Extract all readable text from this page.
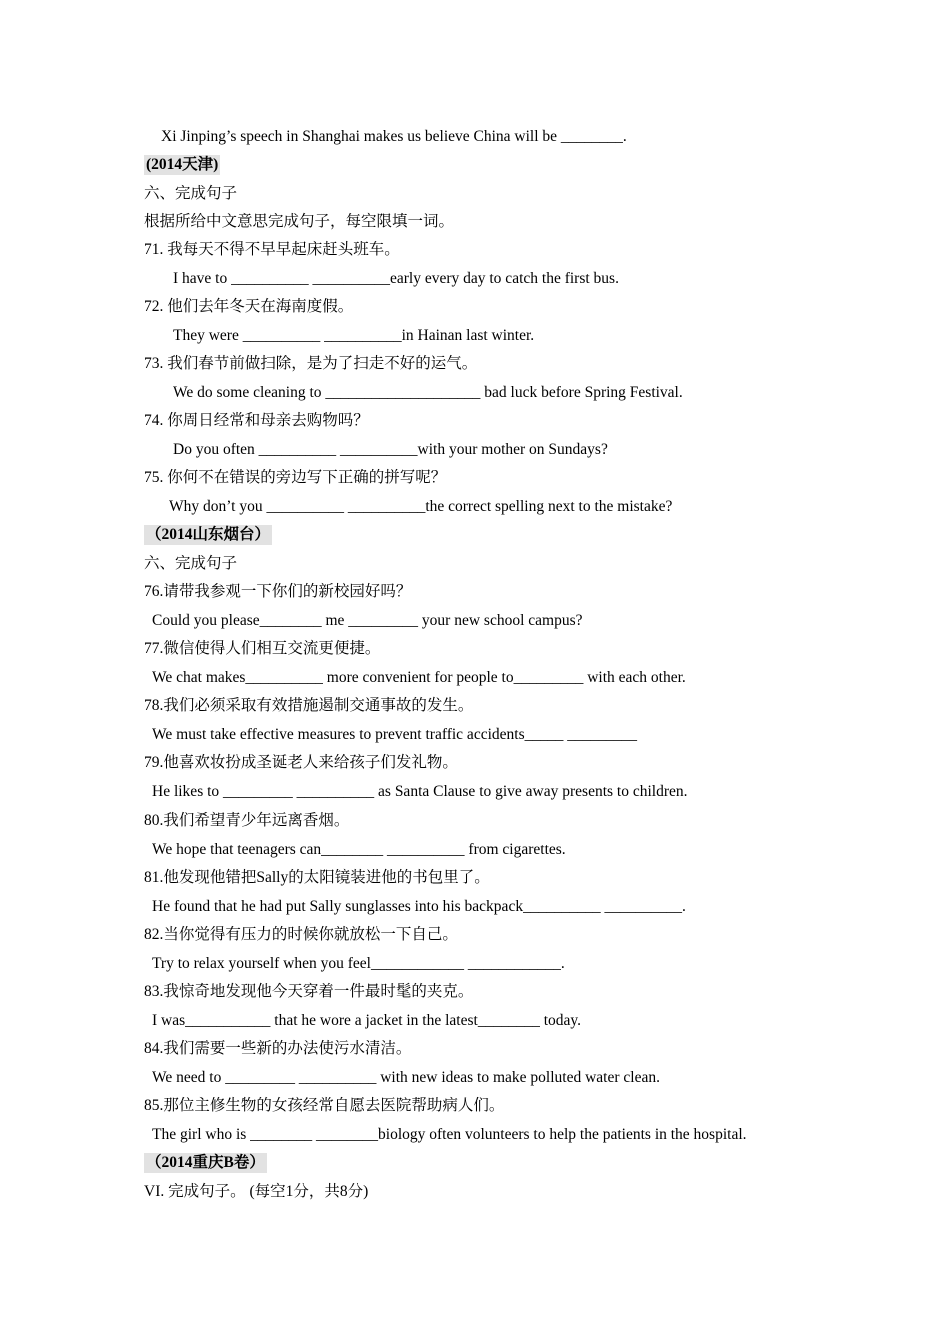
Xi Jinping’s speech in Shanghai makes us believe China will be ________.
(2014天津)
六、完成句子
根据所给中文意思完成句子，每空限填一词。
71. 我每天不得不早早起床赶头班车。
I have to __________ __________early every day to catch the first bus.
72. 他们去年冬天在海南度假。
They were __________ __________in Hainan last winter.
73. 我们春节前做扫除，是为了扫走不好的运气。
We do some cleaning to ____________________ bad luck before Spring Festival.
74. 你周日经常和母亲去购物吗？
Do you often __________ __________with your mother on Sundays?
75. 你何不在错误的旁边写下正确的拼写呢？
Why don’t you __________ __________the correct spelling next to the mistake?
（2014山东烟台）
六、完成句子
76.请带我参观一下你们的新校园好吗？
Could you please________ me _________ your new school campus?
77.微信使得人们相互交流更便捷。
We chat makes__________ more convenient for people to_________ with each other.
78.我们必须采取有效措施遏制交通事故的发生。
We must take effective measures to prevent traffic accidents_____ _________
79.他喜欢妆扮成圣诞老人来给孩子们发礼物。
He likes to _________ __________ as Santa Clause to give away presents to children.
80.我们希望青少年远离香烟。
We hope that teenagers can________ __________ from cigarettes.
81.他发现他错把Sally的太阳镜装进他的书包里了。
He found that he had put Sally sunglasses into his backpack__________ __________.
82.当你觉得有压力的时候你就放松一下自己。
Try to relax yourself when you feel____________ ____________.
83.我惊奇地发现他今天穿着一件最时髦的夹克。
I was___________ that he wore a jacket in the latest________ today.
84.我们需要一些新的办法使污水清洁。
We need to _________ __________ with new ideas to make polluted water clean.
85.那位主修生物的女孩经常自愿去医院帮助病人们。
The girl who is ________ ________biology often volunteers to help the patients in the hospital.
（2014重庆B卷）
VI. 完成句子。 (每空1分，共8分)
